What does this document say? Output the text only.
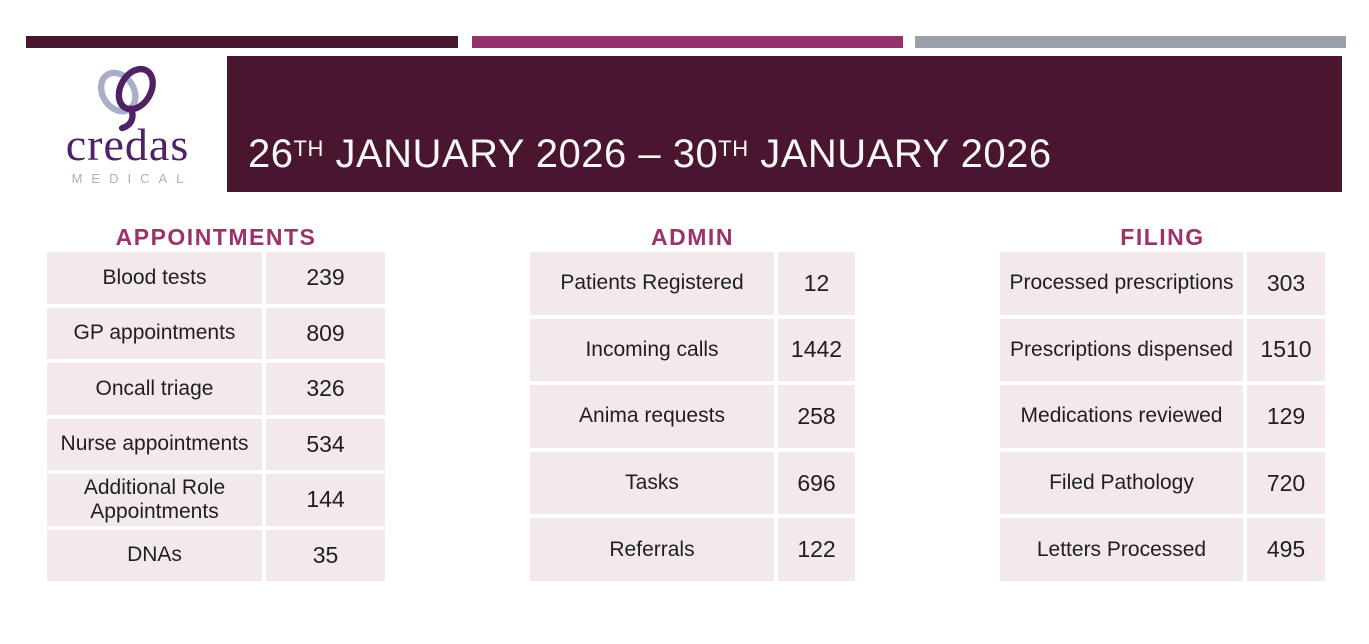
credas
MEDICAL
26TH JANUARY 2026 – 30TH JANUARY 2026
APPOINTMENTS
Blood tests	239
GP appointments	809
Oncall triage	326
Nurse appointments	534
Additional Role Appointments	144
DNAs	35
ADMIN
Patients Registered	12
Incoming calls	1442
Anima requests	258
Tasks	696
Referrals	122
FILING
Processed prescriptions	303
Prescriptions dispensed	1510
Medications reviewed	129
Filed Pathology	720
Letters Processed	495
